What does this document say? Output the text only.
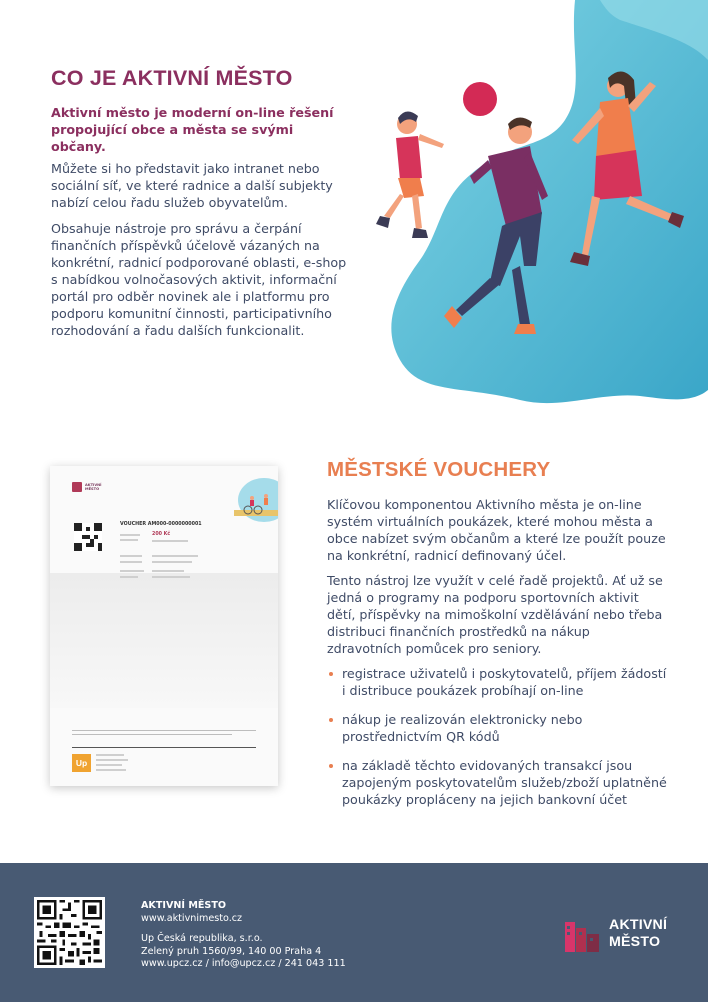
CO JE AKTIVNÍ MĚSTO

Aktivní město je moderní on-line řešení propojující obce a města se svými občany.

Můžete si ho představit jako intranet nebo sociální síť, ve které radnice a další subjekty nabízí celou řadu služeb obyvatelům.

Obsahuje nástroje pro správu a čerpání finančních příspěvků účelově vázaných na konkrétní, radnicí podporované oblasti, e-shop s nabídkou volnočasových aktivit, informační portál pro odběr novinek ale i platformu pro podporu komunitní činnosti, participativního rozhodování a řadu dalších funkcionalit.

AKTIVNÍ
MĚSTO
VOUCHER AM000-0000000001
200 Kč
Up
MĚSTSKÉ VOUCHERY

Klíčovou komponentou Aktivního města je on-line systém virtuálních poukázek, které mohou města a obce nabízet svým občanům a které lze použít pouze na konkrétní, radnicí definovaný účel.

Tento nástroj lze využít v celé řadě projektů. Ať už se jedná o programy na podporu sportovních aktivit dětí, příspěvky na mimoškolní vzdělávání nebo třeba distribuci finančních prostředků na nákup zdravotních pomůcek pro seniory.

registrace uživatelů i poskytovatelů, příjem žádostí i distribuce poukázek probíhají on-line
nákup je realizován elektronicky nebo prostřednictvím QR kódů
na základě těchto evidovaných transakcí jsou zapojeným poskytovatelům služeb/zboží uplatněné poukázky propláceny na jejich bankovní účet
AKTIVNÍ MĚSTO
www.aktivnimesto.cz
Up Česká republika, s.r.o.
Zelený pruh 1560/99, 140 00 Praha 4
www.upcz.cz / info@upcz.cz / 241 043 111
AKTIVNÍ
MĚSTO
